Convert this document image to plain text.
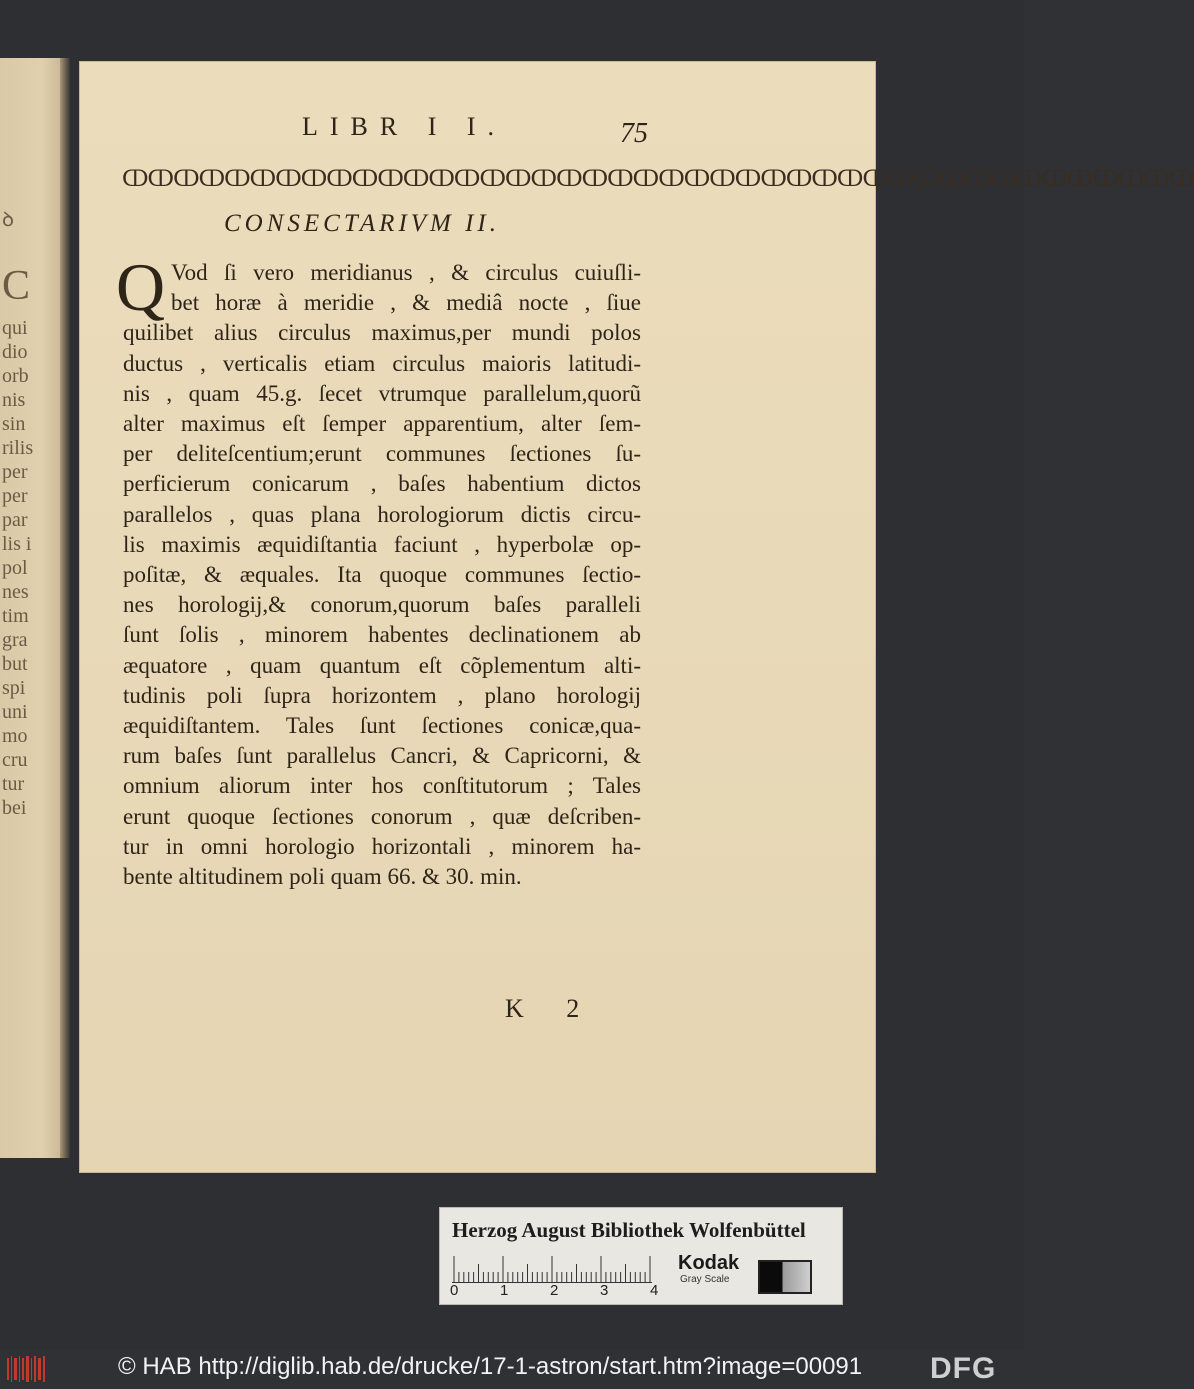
ꝺ

C
qui
dio
orb
nis
sin
rilis
per
per
par
lis i
pol
nes
tim
gra
but
spi
uni
mo
cru
tur
bei
LIBR I I.	75
ↀↀↀↀↀↀↀↀↀↀↀↀↀↀↀↀↀↀↀↀↀↀↀↀↀↀↀↀↀↀↀↀↀↀↀↀↀↀↀↀↀↀ
CONSECTARIVM II.
Q Vod ſi vero meridianus , & circulus cuiuſli-
bet horæ à meridie , & mediâ nocte , ſiue
quilibet alius circulus maximus,per mundi polos
ductus , verticalis etiam circulus maioris latitudi-
nis , quam 45.g. ſecet vtrumque parallelum,quorũ
alter maximus eſt ſemper apparentium, alter ſem-
per deliteſcentium;erunt communes ſectiones ſu-
perficierum conicarum , baſes habentium dictos
parallelos , quas plana horologiorum dictis circu-
lis maximis æquidiſtantia faciunt , hyperbolæ op-
poſitæ, & æquales. Ita quoque communes ſectio-
nes horologij,& conorum,quorum baſes paralleli
ſunt ſolis , minorem habentes declinationem ab
æquatore , quam quantum eſt cõplementum alti-
tudinis poli ſupra horizontem , plano horologij
æquidiſtantem. Tales ſunt ſectiones conicæ,qua-
rum baſes ſunt parallelus Cancri, & Capricorni, &
omnium aliorum inter hos conſtitutorum ; Tales
erunt quoque ſectiones conorum , quæ deſcriben-
tur in omni horologio horizontali , minorem ha-
bente altitudinem poli quam 66. & 30. min.
K 2
Herzog August Bibliothek Wolfenbüttel
0	1	2	3	4
Kodak
Gray Scale
© HAB http://diglib.hab.de/drucke/17-1-astron/start.htm?image=00091 DFG
